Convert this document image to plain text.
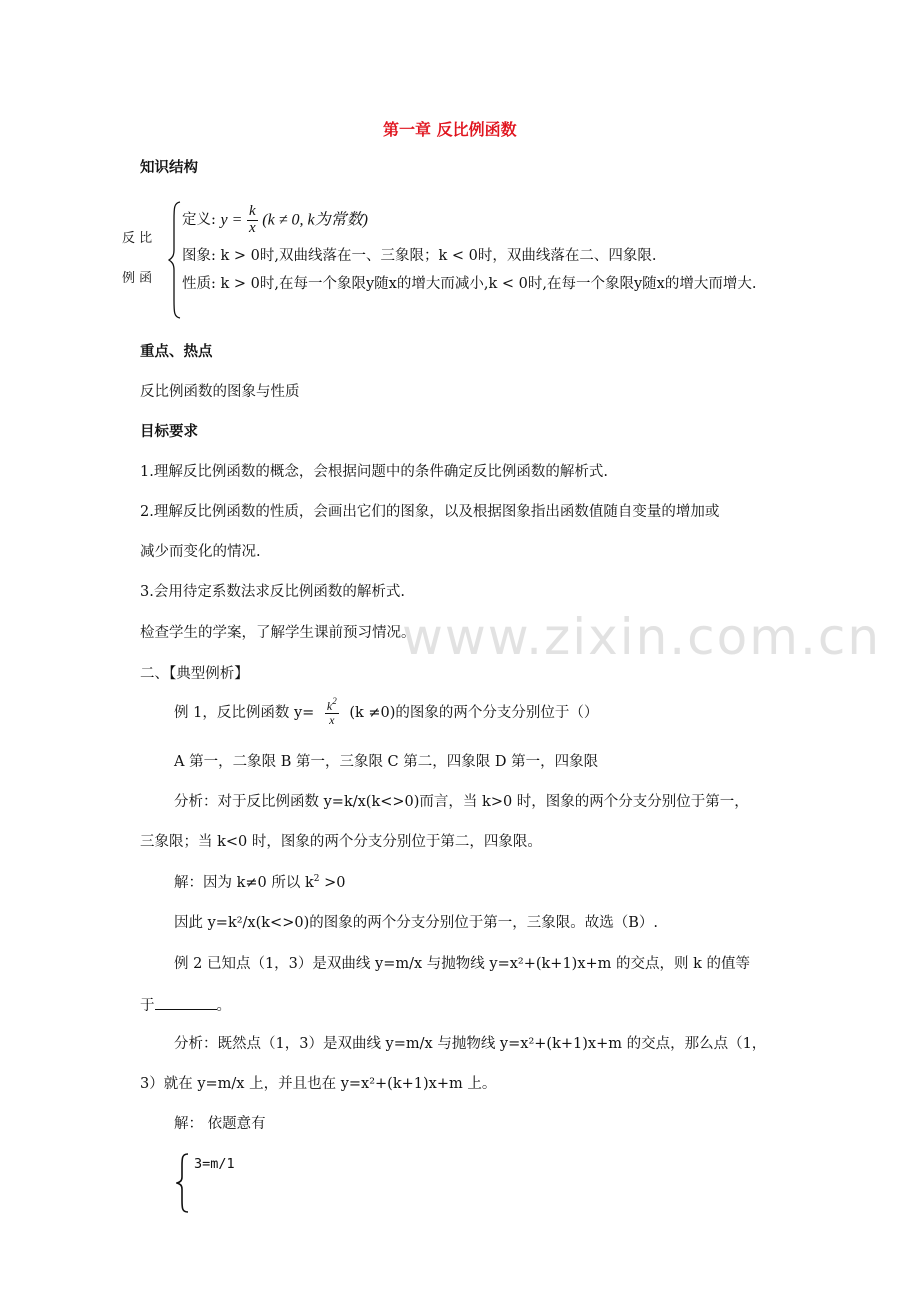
www.zixin.com.cn
第一章 反比例函数
知识结构
反 比
例 函
定义: $y = \frac{k}{x} (k \ne 0$, k为常数)
图象: k > 0时,双曲线落在一、三象限；k < 0时，双曲线落在二、四象限.
性质: k > 0时,在每一个象限y随x的增大而减小,k < 0时,在每一个象限y随x的增大而增大.
重点、热点
反比例函数的图象与性质
目标要求
1.理解反比例函数的概念，会根据问题中的条件确定反比例函数的解析式.
2.理解反比例函数的性质，会画出它们的图象，以及根据图象指出函数值随自变量的增加或
减少而变化的情况.
3.会用待定系数法求反比例函数的解析式.
检查学生的学案，了解学生课前预习情况。
二、【典型例析】
例 1，反比例函数 $y= \frac{k^2}{x} (k \ne 0)$的图象的两个分支分别位于（）
A 第一，二象限 B 第一，三象限 C 第二，四象限 D 第一，四象限
分析：对于反比例函数 y=k/x(k<>0)而言，当 k>0 时，图象的两个分支分别位于第一，
三象限；当 k<0 时，图象的两个分支分别位于第二，四象限。
解：因为 k≠0 所以 $k^2 >0$
因此 y=k²/x(k<>0)的图象的两个分支分别位于第一，三象限。故选（B）.
例 2 已知点（1，3）是双曲线 y=m/x 与抛物线 y=x²+(k+1)x+m 的交点，则 k 的值等
于	。
分析：既然点（1，3）是双曲线 y=m/x 与抛物线 y=x²+(k+1)x+m 的交点，那么点（1，
3）就在 y=m/x 上，并且也在 y=x²+(k+1)x+m 上。
解： 依题意有
3=m/1
